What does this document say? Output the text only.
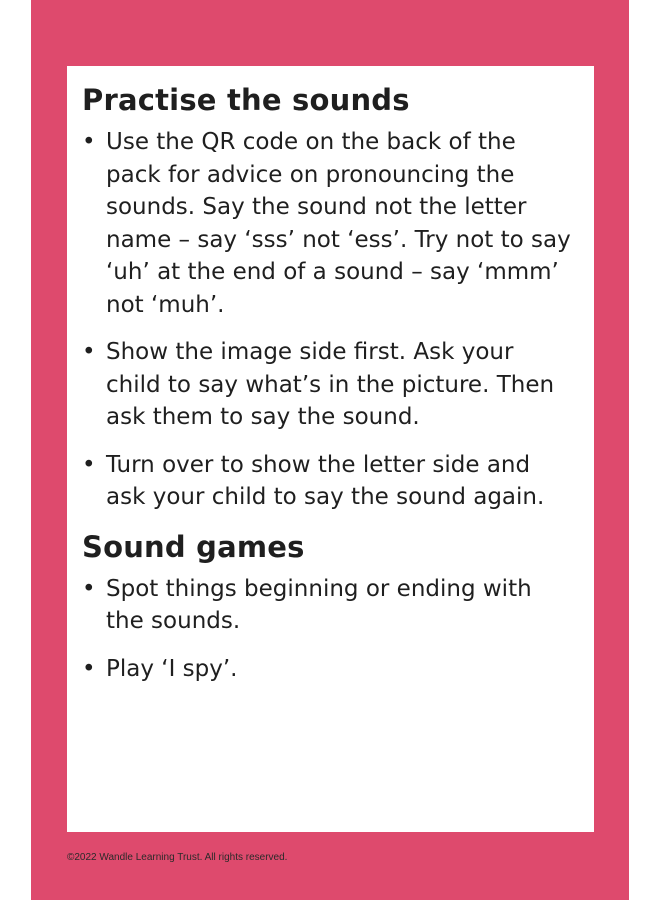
Practise the sounds
• Use the QR code on the back of the pack for advice on pronouncing the sounds. Say the sound not the letter name – say ‘sss’ not ‘ess’. Try not to say ‘uh’ at the end of a sound – say ‘mmm’ not ‘muh’.
• Show the image side first. Ask your child to say what’s in the picture. Then ask them to say the sound.
• Turn over to show the letter side and ask your child to say the sound again.
Sound games
• Spot things beginning or ending with the sounds.
• Play ‘I spy’.
©2022 Wandle Learning Trust. All rights reserved.
